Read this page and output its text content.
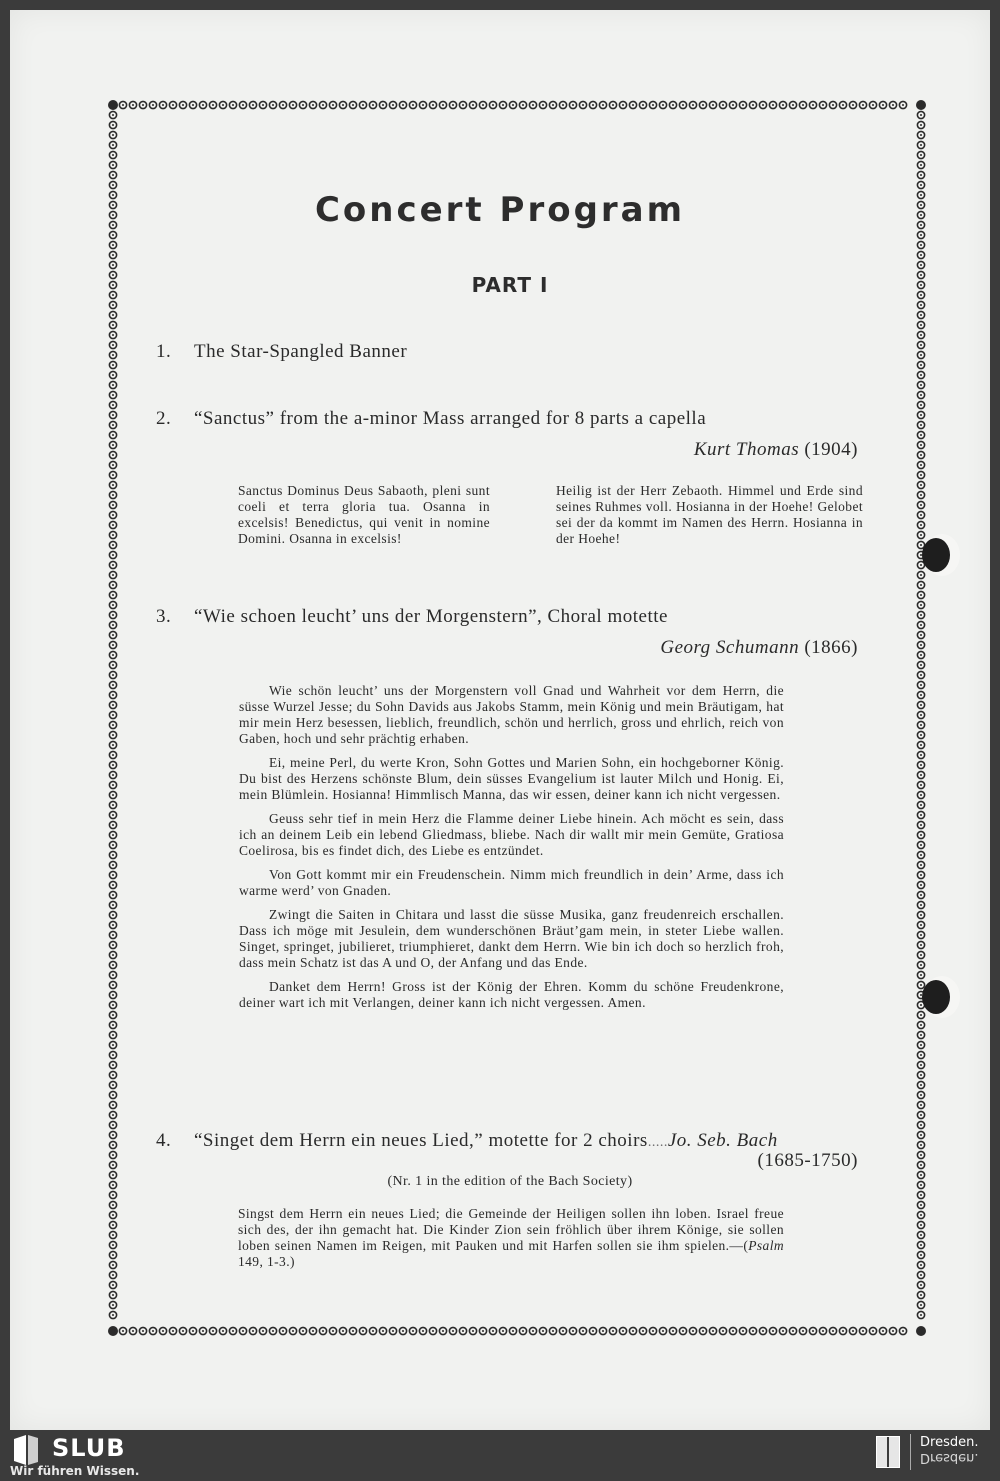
Concert Program
PART I
1. The Star-Spangled Banner
2. “Sanctus” from the a-minor Mass arranged for 8 parts a capella
Kurt Thomas (1904)
Sanctus Dominus Deus Sabaoth, pleni sunt coeli et terra gloria tua. Osanna in excelsis! Benedictus, qui venit in nomine Domini. Osanna in excelsis!
Heilig ist der Herr Zebaoth. Himmel und Erde sind seines Ruhmes voll. Hosianna in der Hoehe! Gelobet sei der da kommt im Namen des Herrn. Hosianna in der Hoehe!
3. “Wie schoen leucht’ uns der Morgenstern”, Choral motette
Georg Schumann (1866)

Wie schön leucht’ uns der Morgenstern voll Gnad und Wahrheit vor dem Herrn, die süsse Wurzel Jesse; du Sohn Davids aus Jakobs Stamm, mein König und mein Bräutigam, hat mir mein Herz besessen, lieblich, freundlich, schön und herrlich, gross und ehrlich, reich von Gaben, hoch und sehr prächtig erhaben.

Ei, meine Perl, du werte Kron, Sohn Gottes und Marien Sohn, ein hochgeborner König. Du bist des Herzens schönste Blum, dein süsses Evangelium ist lauter Milch und Honig. Ei, mein Blümlein. Hosianna! Himmlisch Manna, das wir essen, deiner kann ich nicht vergessen.

Geuss sehr tief in mein Herz die Flamme deiner Liebe hinein. Ach möcht es sein, dass ich an deinem Leib ein lebend Gliedmass, bliebe. Nach dir wallt mir mein Gemüte, Gratiosa Coelirosa, bis es findet dich, des Liebe es entzündet.

Von Gott kommt mir ein Freudenschein. Nimm mich freundlich in dein’ Arme, dass ich warme werd’ von Gnaden.

Zwingt die Saiten in Chitara und lasst die süsse Musika, ganz freudenreich erschallen. Dass ich möge mit Jesulein, dem wunderschönen Bräut’gam mein, in steter Liebe wallen. Singet, springet, jubilieret, triumphieret, dankt dem Herrn. Wie bin ich doch so herzlich froh, dass mein Schatz ist das A und O, der Anfang und das Ende.

Danket dem Herrn! Gross ist der König der Ehren. Komm du schöne Freudenkrone, deiner wart ich mit Verlangen, deiner kann ich nicht vergessen. Amen.

4. “Singet dem Herrn ein neues Lied,” motette for 2 choirs.....Jo. Seb. Bach
(1685-1750)
(Nr. 1 in the edition of the Bach Society)
Singst dem Herrn ein neues Lied; die Gemeinde der Heiligen sollen ihn loben. Israel freue sich des, der ihn gemacht hat. Die Kinder Zion sein fröhlich über ihrem Könige, sie sollen loben seinen Namen im Reigen, mit Pauken und mit Harfen sollen sie ihm spielen.—(Psalm 149, 1-3.)
SLUB
Wir führen Wissen.
Dresden.
Dresden.
